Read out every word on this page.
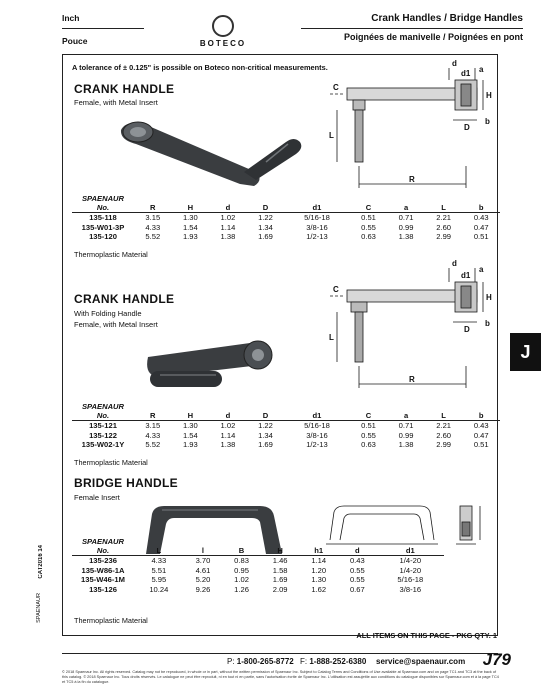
Inch
Pouce	BOTECO
Crank Handles / Bridge Handles
Poignées de manivelle / Poignées en pont
A tolerance of ± 0.125" is possible on Boteco non-critical measurements.
CRANK HANDLE
Female, with Metal Insert
d
d1
C
H
D
a
b
L
R
SPAENAUR
No.	R	H	d	D	d1	C	a	L	b
135-118	3.15	1.30	1.02	1.22	5/16-18	0.51	0.71	2.21	0.43
135-W01-3P	4.33	1.54	1.14	1.34	3/8-16	0.55	0.99	2.60	0.47
135-120	5.52	1.93	1.38	1.69	1/2-13	0.63	1.38	2.99	0.51
Thermoplastic Material
CRANK HANDLE
With Folding Handle
Female, with Metal Insert
d
d1
C
H
D
a
b
L
R
SPAENAUR
No.	R	H	d	D	d1	C	a	L	b
135-121	3.15	1.30	1.02	1.22	5/16-18	0.51	0.71	2.21	0.43
135-122	4.33	1.54	1.14	1.34	3/8-16	0.55	0.99	2.60	0.47
135-W02-1Y	5.52	1.93	1.38	1.69	1/2-13	0.63	1.38	2.99	0.51
Thermoplastic Material
BRIDGE HANDLE
Female Insert
SPAENAUR
No.	L	l	B	H	h1	d	d1
135-236	4.33	3.70	0.83	1.46	1.14	0.43	1/4-20
135-W86-1A	5.51	4.61	0.95	1.58	1.20	0.55	1/4-20
135-W46-1M	5.95	5.20	1.02	1.69	1.30	0.55	5/16-18
135-126	10.24	9.26	1.26	2.09	1.62	0.67	3/8-16
Thermoplastic Material
ALL ITEMS ON THIS PAGE - PKG QTY. 1
J
CAT2016 14
SPAENAUR
P: 1-800-265-8772 F: 1-888-252-6380 service@spaenaur.com J79
© 2018 Spaenaur Inc. All rights reserved. Catalog may not be reproduced, in whole or in part, without the written permission of Spaenaur Inc. Subject to Catalog Terms and Conditions of Use available at Spaenaur.com and on page TC1 and TC3 at the back of this catalog. © 2018 Spaenaur Inc. Tous droits réservés. Le catalogue ne peut être reproduit, ni en tout ni en partie, sans l'autorisation écrite de Spaenaur Inc. L'utilisation est assujettie aux conditions du catalogue disponibles sur Spaenaur.com et à la page TC4 et TC5 à la fin du catalogue.
